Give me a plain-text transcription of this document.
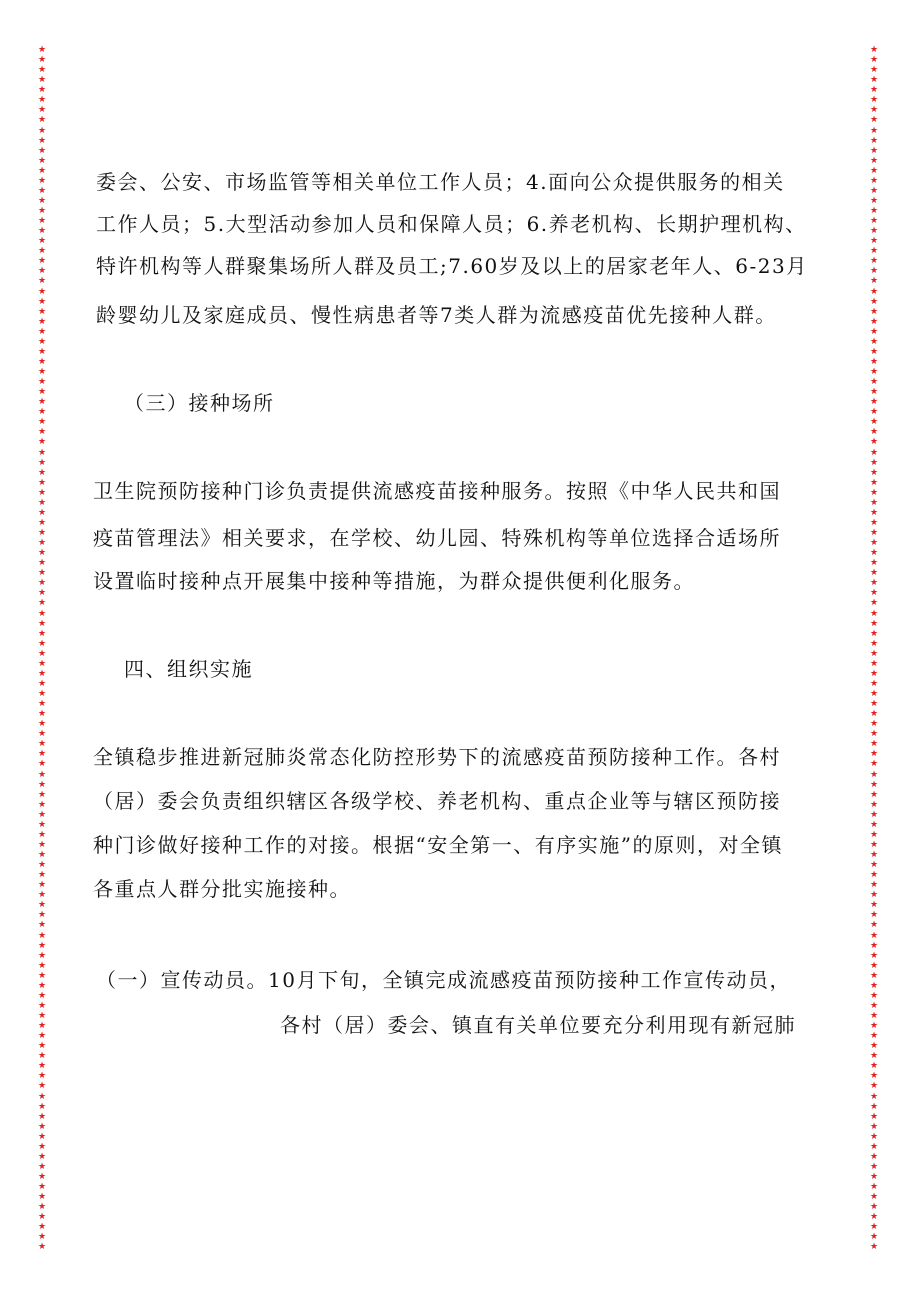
★
★
★
★
★
★
★
★
★
★
★
★
★
★
★
★
★
★
★
★
★
★
★
★
★
★
★
★
★
★
★
★
★
★
★
★
★
★
★
★
★
★
★
★
★
★
★
★
★
★
★
★
★
★
★
★
★
★
★
★
★
★
★
★
★
★
★
★
★
★
★
★
★
★
★
★
★
★
★
★
★
★
★
★
★
★
★
★
★
★
★
★
★
★
★
★
★
★
★
★
★
★
★
★
★
★
★
★
★
★
★
★
★
★
★
★
★
★
★
★
★
★
★
★
★
★
★
★
★
★
★
★
★
★
★
★
★
★
★
★
★
★
★
★
★
★
★
★
★
★
★
★
★
★
★
★
★
★
★
★
★
★
★
★
★
★
★
★
★
★
★
★
★
★
★
★
★
★
★
★
★
★
★
★
★
★
★
★
★
★
★
★
★
★
★
★
★
★
★
★
★
★
★
★
★
★
★
★
★
★
★
★
★
★
★
★
★
★
★
★
★
★
★
★
★
★
★
★
★
★
★
★
★
★
★
★
★
★
★
★
委会、公安、市场监管等相关单位工作人员；4.面向公众提供服务的相关
工作人员；5.大型活动参加人员和保障人员；6.养老机构、长期护理机构、
特许机构等人群聚集场所人群及员工;7.60岁及以上的居家老年人、6-23月
龄婴幼儿及家庭成员、慢性病患者等7类人群为流感疫苗优先接种人群。
（三）接种场所
卫生院预防接种门诊负责提供流感疫苗接种服务。按照《中华人民共和国
疫苗管理法》相关要求，在学校、幼儿园、特殊机构等单位选择合适场所
设置临时接种点开展集中接种等措施，为群众提供便利化服务。
四、组织实施
全镇稳步推进新冠肺炎常态化防控形势下的流感疫苗预防接种工作。各村
（居）委会负责组织辖区各级学校、养老机构、重点企业等与辖区预防接
种门诊做好接种工作的对接。根据“安全第一、有序实施”的原则，对全镇
各重点人群分批实施接种。
（一）宣传动员。10月下旬，全镇完成流感疫苗预防接种工作宣传动员，
各村（居）委会、镇直有关单位要充分利用现有新冠肺
